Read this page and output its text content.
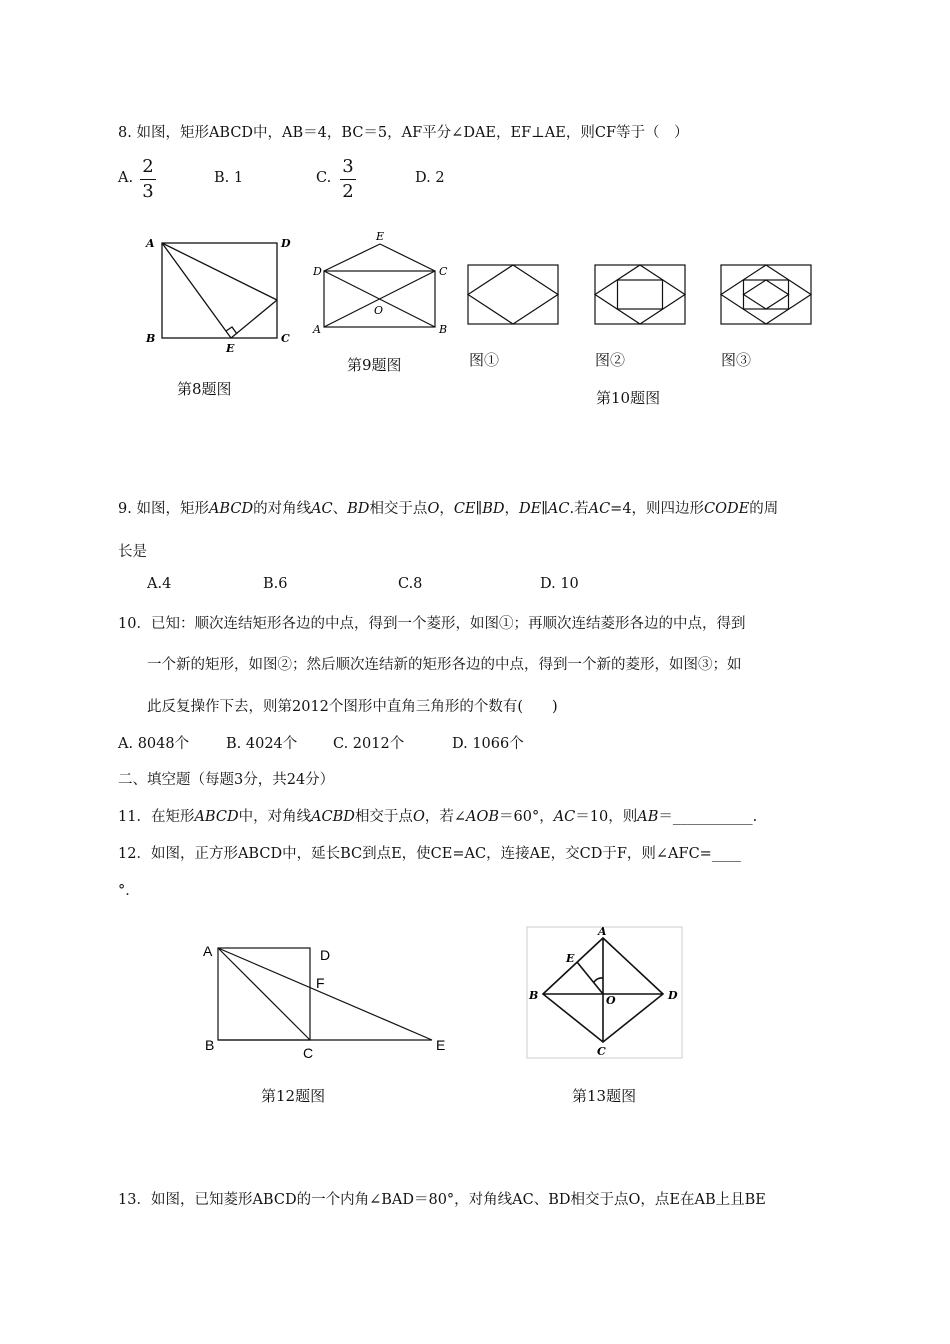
8. 如图，矩形ABCD中，AB＝4，BC＝5，AF平分∠DAE，EF⊥AE，则CF等于（　）
A.
2
3
B. 1	C.
3
2
D. 2
A	D
B	C
E
第8题图
E
D	C
O
A	B
第9题图	图①	图②	图③
第10题图
9. 如图，矩形ABCD的对角线AC、BD相交于点O，CE∥BD，DE∥AC.若AC=4，则四边形CODE的周
长是
A.4	B.6	C.8	D. 10
10．已知：顺次连结矩形各边的中点，得到一个菱形，如图①；再顺次连结菱形各边的中点，得到
一个新的矩形，如图②；然后顺次连结新的矩形各边的中点，得到一个新的菱形，如图③；如
此反复操作下去，则第2012个图形中直角三角形的个数有(　　)
A. 8048个	B. 4024个 C. 2012个	D. 1066个
二、填空题（每题3分，共24分）
11．在矩形ABCD中，对角线ACBD相交于点O，若∠AOB＝60°，AC＝10，则AB＝___________.
12．如图，正方形ABCD中，延长BC到点E，使CE=AC，连接AE，交CD于F，则∠AFC=____
°．
A	D
F
B	C	E
第12题图
A
E
B	O	D
C
第13题图
13．如图，已知菱形ABCD的一个内角∠BAD＝80°，对角线AC、BD相交于点O，点E在AB上且BE
